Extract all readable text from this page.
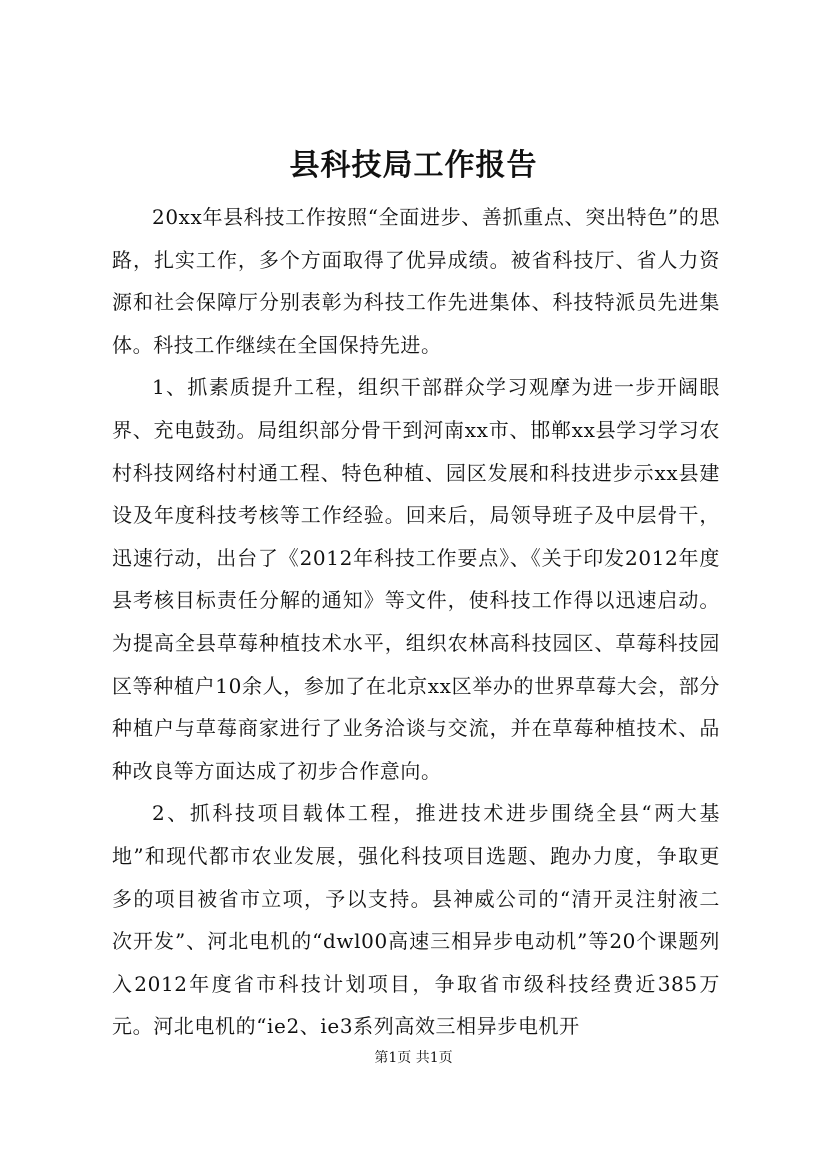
县科技局工作报告

20xx年县科技工作按照“全面进步、善抓重点、突出特色”的思路，扎实工作，多个方面取得了优异成绩。被省科技厅、省人力资源和社会保障厅分别表彰为科技工作先进集体、科技特派员先进集体。科技工作继续在全国保持先进。

1、抓素质提升工程，组织干部群众学习观摩为进一步开阔眼界、充电鼓劲。局组织部分骨干到河南xx市、邯郸xx县学习学习农村科技网络村村通工程、特色种植、园区发展和科技进步示xx县建设及年度科技考核等工作经验。回来后，局领导班子及中层骨干，迅速行动，出台了《2012年科技工作要点》、《关于印发2012年度县考核目标责任分解的通知》等文件，使科技工作得以迅速启动。为提高全县草莓种植技术水平，组织农林高科技园区、草莓科技园区等种植户10余人，参加了在北京xx区举办的世界草莓大会，部分种植户与草莓商家进行了业务洽谈与交流，并在草莓种植技术、品种改良等方面达成了初步合作意向。

2、抓科技项目载体工程，推进技术进步围绕全县“两大基地”和现代都市农业发展，强化科技项目选题、跑办力度，争取更多的项目被省市立项，予以支持。县神威公司的“清开灵注射液二次开发”、河北电机的“dwl00高速三相异步电动机”等20个课题列入2012年度省市科技计划项目，争取省市级科技经费近385万元。河北电机的“ie2、ie3系列高效三相异步电机开

第1页 共1页
